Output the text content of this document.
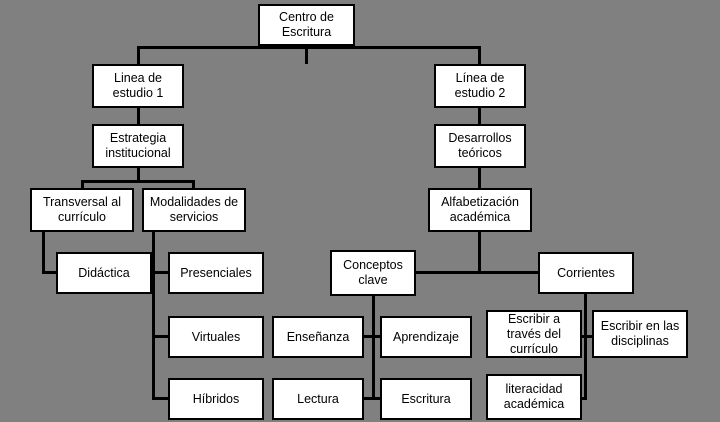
Centro de Escritura
Linea de estudio 1
Línea de estudio 2
Estrategia institucional
Desarrollos teóricos
Transversal al currículo
Modalidades de servicios
Alfabetización académica
Didáctica	Presenciales
Conceptos clave
Corrientes
Virtuales	Enseñanza	Aprendizaje
Escribir a través del currículo
Escribir en las disciplinas
Híbridos	Lectura	Escritura
literacidad académica
